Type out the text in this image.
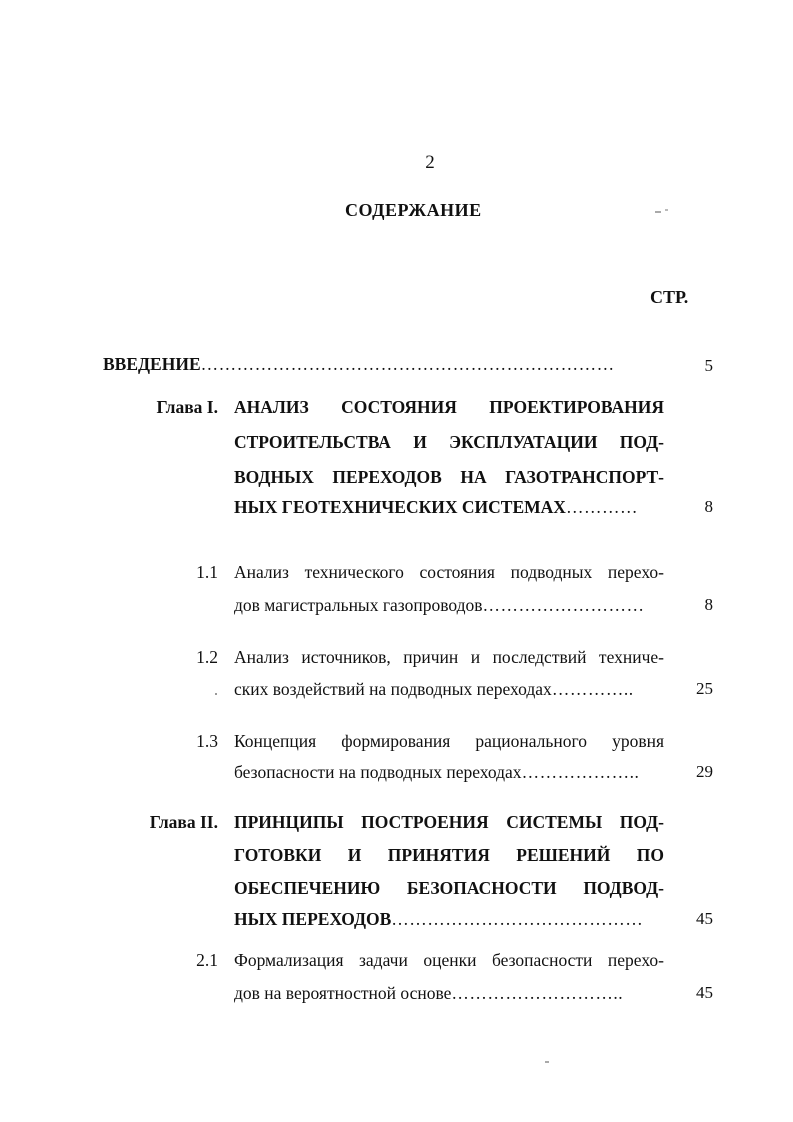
2
СОДЕРЖАНИЕ
СТР.
ВВЕДЕНИЕ……………………………………………………………	5
Глава I. АНАЛИЗ СОСТОЯНИЯ ПРОЕКТИРОВАНИЯ
СТРОИТЕЛЬСТВА И ЭКСПЛУАТАЦИИ ПОД-
ВОДНЫХ ПЕРЕХОДОВ НА ГАЗОТРАНСПОРТ-
НЫХ ГЕОТЕХНИЧЕСКИХ СИСТЕМАХ…………	8
1.1 Анализ технического состояния подводных перехо-
дов магистральных газопроводов………………………	8
1.2 Анализ источников, причин и последствий техниче-
ских воздействий на подводных переходах…………..	25
1.3 Концепция формирования рационального уровня
безопасности на подводных переходах………………..	29
Глава II. ПРИНЦИПЫ ПОСТРОЕНИЯ СИСТЕМЫ ПОД-
ГОТОВКИ И ПРИНЯТИЯ РЕШЕНИЙ ПО
ОБЕСПЕЧЕНИЮ БЕЗОПАСНОСТИ ПОДВОД-
НЫХ ПЕРЕХОДОВ……………………………………	45
2.1 Формализация задачи оценки безопасности перехо-
дов на вероятностной основе………………………..	45
